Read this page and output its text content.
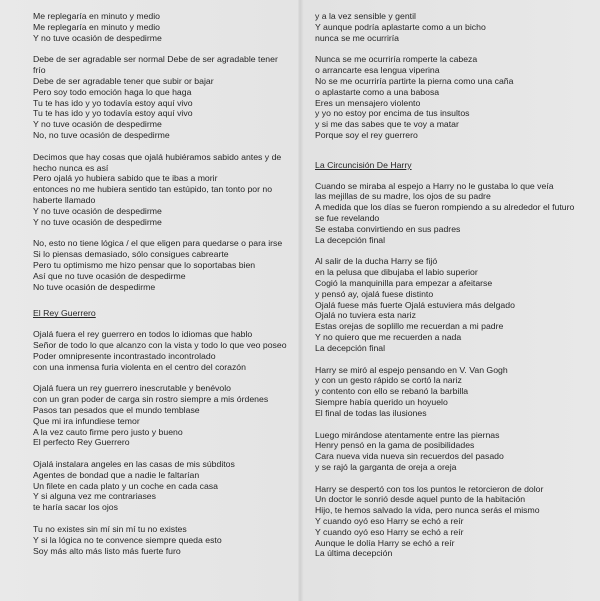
Me replegaría en minuto y medio
Me replegaría en minuto y medio
Y no tuve ocasión de despedirme
Debe de ser agradable ser normal Debe de ser agradable tener frío
Debe de ser agradable tener que subir or bajar
Pero soy todo emoción haga lo que haga
Tu te has ido y yo todavía estoy aquí vivo
Tu te has ido y yo todavía estoy aquí vivo
Y no tuve ocasión de despedirme
No, no tuve ocasión de despedirme
Decimos que hay cosas que ojalá hubiéramos sabido antes y de hecho nunca es así
Pero ojalá yo hubiera sabido que te ibas a morir
entonces no me hubiera sentido tan estúpido, tan tonto por no haberte llamado
Y no tuve ocasión de despedirme
Y no tuve ocasión de despedirme
No, esto no tiene lógica / el que eligen para quedarse o para irse
Si lo piensas demasiado, sólo consigues cabrearte
Pero tu optimismo me hizo pensar que lo soportabas bien
Así que no tuve ocasión de despedirme
No tuve ocasión de despedirme
El Rey Guerrero
Ojalá fuera el rey guerrero en todos lo idiomas que hablo
Señor de todo lo que alcanzo con la vista y todo lo que veo poseo
Poder omnipresente incontrastado incontrolado
con una inmensa furia violenta en el centro del corazón
Ojalá fuera un rey guerrero inescrutable y benévolo
con un gran poder de carga sin rostro siempre a mis órdenes
Pasos tan pesados que el mundo temblase
Que mi ira infundiese temor
A la vez cauto firme pero justo y bueno
El perfecto Rey Guerrero
Ojalá instalara angeles en las casas de mis súbditos
Agentes de bondad que a nadie le faltarían
Un filete en cada plato y un coche en cada casa
Y si alguna vez me contrariases
te haría sacar los ojos
Tu no existes sin mí sin mí tu no existes
Y si la lógica no te convence siempre queda esto
Soy más alto más listo más fuerte furo
y a la vez sensible y gentil
Y aunque podría aplastarte como a un bicho
nunca se me ocurriría
Nunca se me ocurriría romperte la cabeza
o arrancarte esa lengua viperina
No se me ocurriría partirte la pierna como una caña
o aplastarte como a una babosa
Eres un mensajero violento
y yo no estoy por encima de tus insultos
y si me das sabes que te voy a matar
Porque soy el rey guerrero
La Circuncisión De Harry
Cuando se miraba al espejo a Harry no le gustaba lo que veía
las mejillas de su madre, los ojos de su padre
A medida que los días se fueron rompiendo a su alrededor el futuro se fue revelando
Se estaba convirtiendo en sus padres
La decepción final
Al salir de la ducha Harry se fijó
en la pelusa que dibujaba el labio superior
Cogió la manquinilla para empezar a afeitarse
y pensó ay, ojalá fuese distinto
Ojalá fuese más fuerte Ojalá estuviera más delgado
Ojalá no tuviera esta nariz
Estas orejas de soplillo me recuerdan a mi padre
Y no quiero que me recuerden a nada
La decepción final
Harry se miró al espejo pensando en V. Van Gogh
y con un gesto rápido se cortó la nariz
y contento con ello se rebanó la barbilla
Siempre había querido un hoyuelo
El final de todas las ilusiones
Luego mirándose atentamente entre las piernas
Henry pensó en la gama de posibilidades
Cara nueva vida nueva sin recuerdos del pasado
y se rajó la garganta de oreja a oreja
Harry se despertó con tos los puntos le retorcieron de dolor
Un doctor le sonrió desde aquel punto de la habitación
Hijo, te hemos salvado la vida, pero nunca serás el mismo
Y cuando oyó eso Harry se echó a reír
Y cuando oyó eso Harry se echó a reír
Aunque le dolía Harry se echó a reír
La última decepción
